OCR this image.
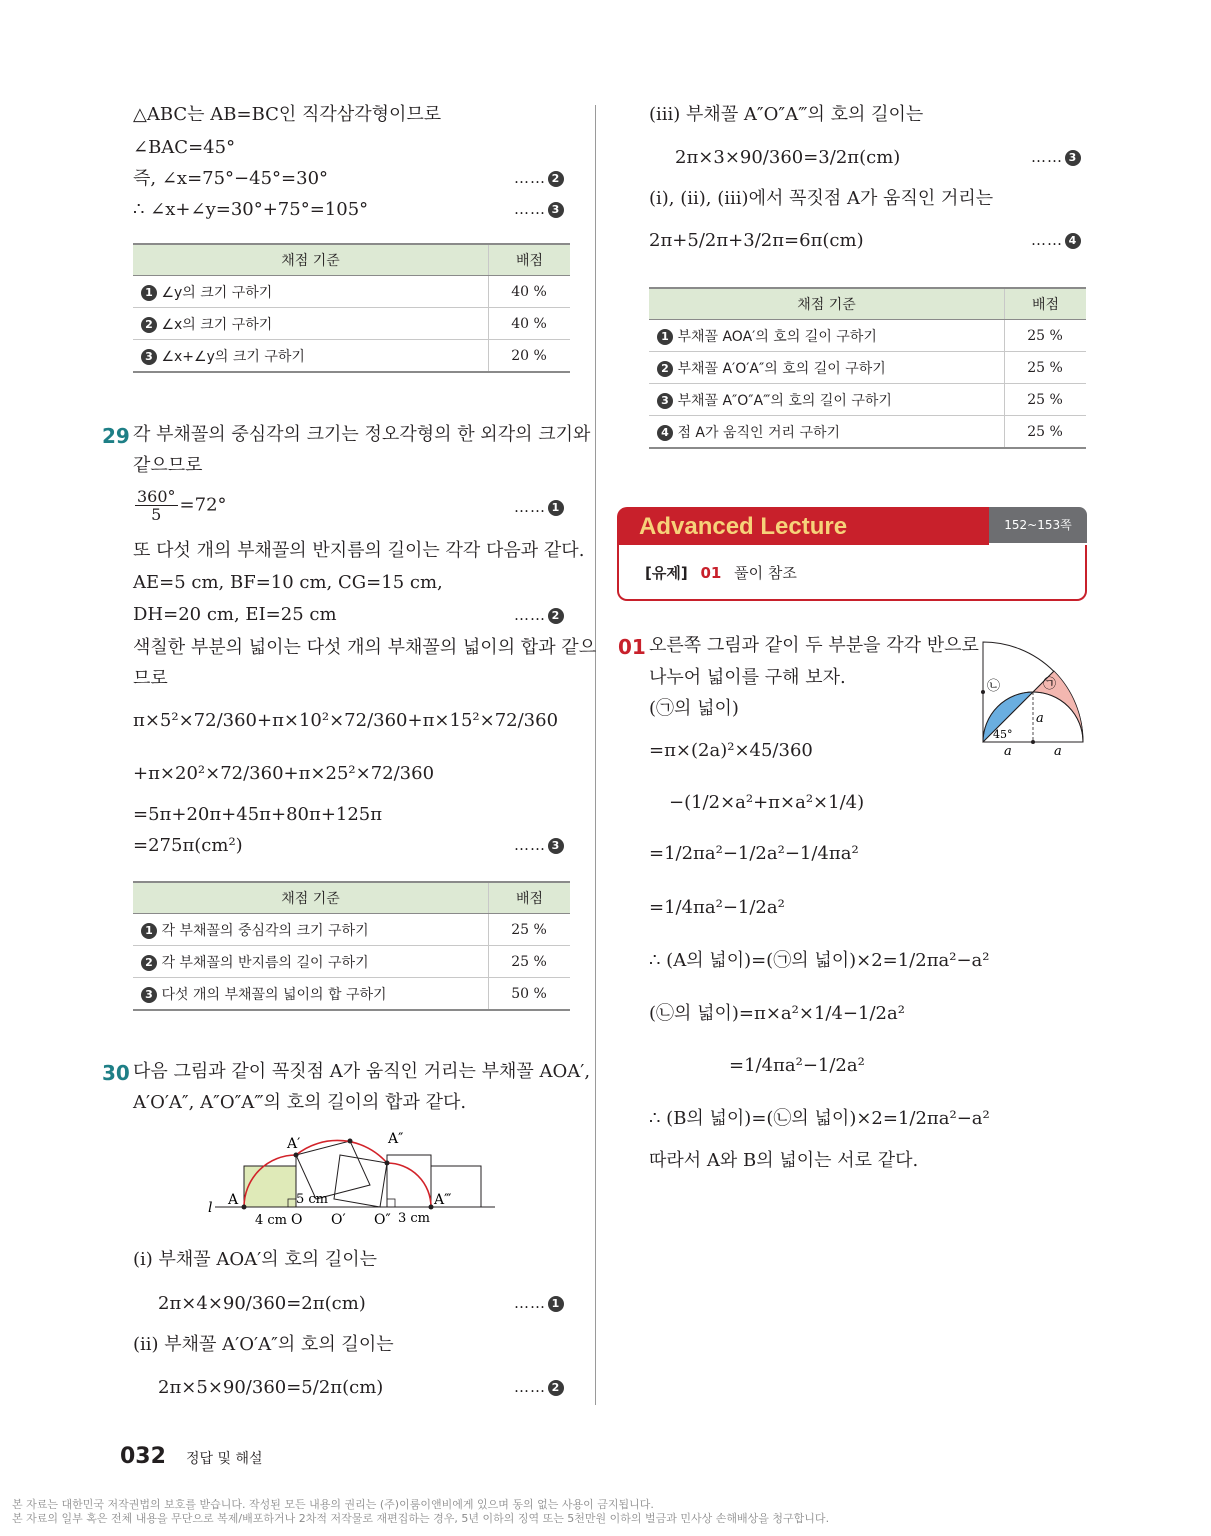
△ABC는 AB=BC인 직각삼각형이므로
∠BAC=45°
즉, ∠x=75°−45°=30°	…… 2
∴ ∠x+∠y=30°+75°=105°	…… 3
채점 기준	배점
1 ∠y의 크기 구하기	40 %
2 ∠x의 크기 구하기	40 %
3 ∠x+∠y의 크기 구하기	20 %
29 각 부채꼴의 중심각의 크기는 정오각형의 한 외각의 크기와
같으므로
$\frac{360^\circ}{5} =72^\circ$	…… 1
또 다섯 개의 부채꼴의 반지름의 길이는 각각 다음과 같다.
AE=5 cm, BF=10 cm, CG=15 cm,
DH=20 cm, EI=25 cm	…… 2
색칠한 부분의 넓이는 다섯 개의 부채꼴의 넓이의 합과 같으
므로
π×5²×72/360+π×10²×72/360+π×15²×72/360
+π×20²×72/360+π×25²×72/360
=5π+20π+45π+80π+125π
=275π(cm²)	…… 3
채점 기준	배점
1 각 부채꼴의 중심각의 크기 구하기	25 %
2 각 부채꼴의 반지름의 길이 구하기	25 %
3 다섯 개의 부채꼴의 넓이의 합 구하기	50 %
30 다음 그림과 같이 꼭짓점 A가 움직인 거리는 부채꼴 AOA′,
A′O′A″, A″O″A‴의 호의 길이의 합과 같다.
l A
A′	A″
A‴
O O′ O″
4 cm
5 cm
3 cm
(ⅰ) 부채꼴 AOA′의 호의 길이는
2π×4×90/360=2π(cm)	…… 1
(ⅱ) 부채꼴 A′O′A″의 호의 길이는
2π×5×90/360=5/2π(cm)	…… 2
(ⅲ) 부채꼴 A″O″A‴의 호의 길이는
2π×3×90/360=3/2π(cm)	…… 3
(ⅰ), (ⅱ), (ⅲ)에서 꼭짓점 A가 움직인 거리는
2π+5/2π+3/2π=6π(cm)	…… 4
채점 기준	배점
1 부채꼴 AOA′의 호의 길이 구하기	25 %
2 부채꼴 A′O′A″의 호의 길이 구하기	25 %
3 부채꼴 A″O″A‴의 호의 길이 구하기	25 %
4 점 A가 움직인 거리 구하기	25 %
Advanced Lecture	152~153쪽
[유제] 01 풀이 참조
01 오른쪽 그림과 같이 두 부분을 각각 반으로
나누어 넓이를 구해 보자.
(㉠의 넓이)
=π×(2a)²×45/360
−(1/2×a²+π×a²×1/4)
=1/2πa²−1/2a²−1/4πa²
=1/4πa²−1/2a²
∴ (A의 넓이)=(㉠의 넓이)×2=1/2πa²−a²
(㉡의 넓이)=π×a²×1/4−1/2a²
=1/4πa²−1/2a²
∴ (B의 넓이)=(㉡의 넓이)×2=1/2πa²−a²
따라서 A와 B의 넓이는 서로 같다.
㉡	㉠
a
45°
a	a
032 정답 및 해설
본 자료는 대한민국 저작권법의 보호를 받습니다. 작성된 모든 내용의 권리는 (주)이룸이앤비에게 있으며 동의 없는 사용이 금지됩니다.
본 자료의 일부 혹은 전체 내용을 무단으로 복제/배포하거나 2차적 저작물로 재편집하는 경우, 5년 이하의 징역 또는 5천만원 이하의 벌금과 민사상 손해배상을 청구합니다.
